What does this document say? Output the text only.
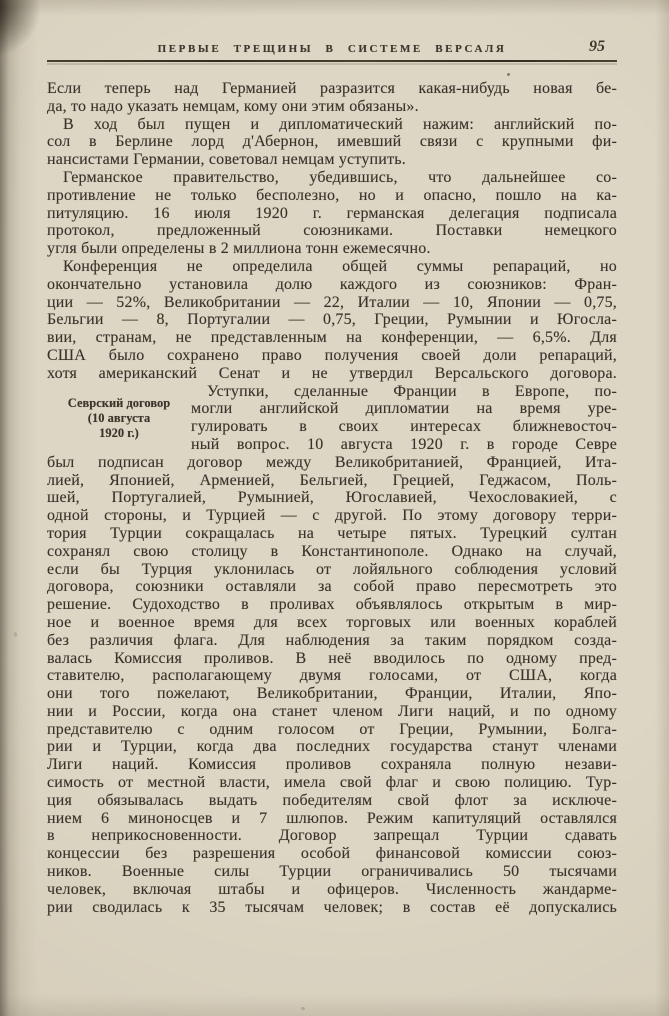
ПЕРВЫЕ ТРЕЩИНЫ В СИСТЕМЕ ВЕРСАЛЯ	95
Севрский договор
(10 августа
1920 г.)
Если теперь над Германией разразится какая-нибудь новая бе-
да, то надо указать немцам, кому они этим обязаны».
В ход был пущен и дипломатический нажим: английский по-
сол в Берлине лорд д'Абернон, имевший связи с крупными фи-
нансистами Германии, советовал немцам уступить.
Германское правительство, убедившись, что дальнейшее со-
противление не только бесполезно, но и опасно, пошло на ка-
питуляцию. 16 июля 1920 г. германская делегация подписала
протокол, предложенный союзниками. Поставки немецкого
угля были определены в 2 миллиона тонн ежемесячно.
Конференция не определила общей суммы репараций, но
окончательно установила долю каждого из союзников: Фран-
ции — 52%, Великобритании — 22, Италии — 10, Японии — 0,75,
Бельгии — 8, Португалии — 0,75, Греции, Румынии и Югосла-
вии, странам, не представленным на конференции, — 6,5%. Для
США было сохранено право получения своей доли репараций,
хотя американский Сенат и не утвердил Версальского договора.
Уступки, сделанные Франции в Европе, по-
могли английской дипломатии на время уре-
гулировать в своих интересах ближневосточ-
ный вопрос. 10 августа 1920 г. в городе Севре
был подписан договор между Великобританией, Францией, Ита-
лией, Японией, Арменией, Бельгией, Грецией, Геджасом, Поль-
шей, Португалией, Румынией, Югославией, Чехословакией, с
одной стороны, и Турцией — с другой. По этому договору терри-
тория Турции сокращалась на четыре пятых. Турецкий султан
сохранял свою столицу в Константинополе. Однако на случай,
если бы Турция уклонилась от лойяльного соблюдения условий
договора, союзники оставляли за собой право пересмотреть это
решение. Судоходство в проливах объявлялось открытым в мир-
ное и военное время для всех торговых или военных кораблей
без различия флага. Для наблюдения за таким порядком созда-
валась Комиссия проливов. В неё вводилось по одному пред-
ставителю, располагающему двумя голосами, от США, когда
они того пожелают, Великобритании, Франции, Италии, Япо-
нии и России, когда она станет членом Лиги наций, и по одному
представителю с одним голосом от Греции, Румынии, Болга-
рии и Турции, когда два последних государства станут членами
Лиги наций. Комиссия проливов сохраняла полную незави-
симость от местной власти, имела свой флаг и свою полицию. Тур-
ция обязывалась выдать победителям свой флот за исключе-
нием 6 миноносцев и 7 шлюпов. Режим капитуляций оставлялся
в неприкосновенности. Договор запрещал Турции сдавать
концессии без разрешения особой финансовой комиссии союз-
ников. Военные силы Турции ограничивались 50 тысячами
человек, включая штабы и офицеров. Численность жандарме-
рии сводилась к 35 тысячам человек; в состав её допускались
